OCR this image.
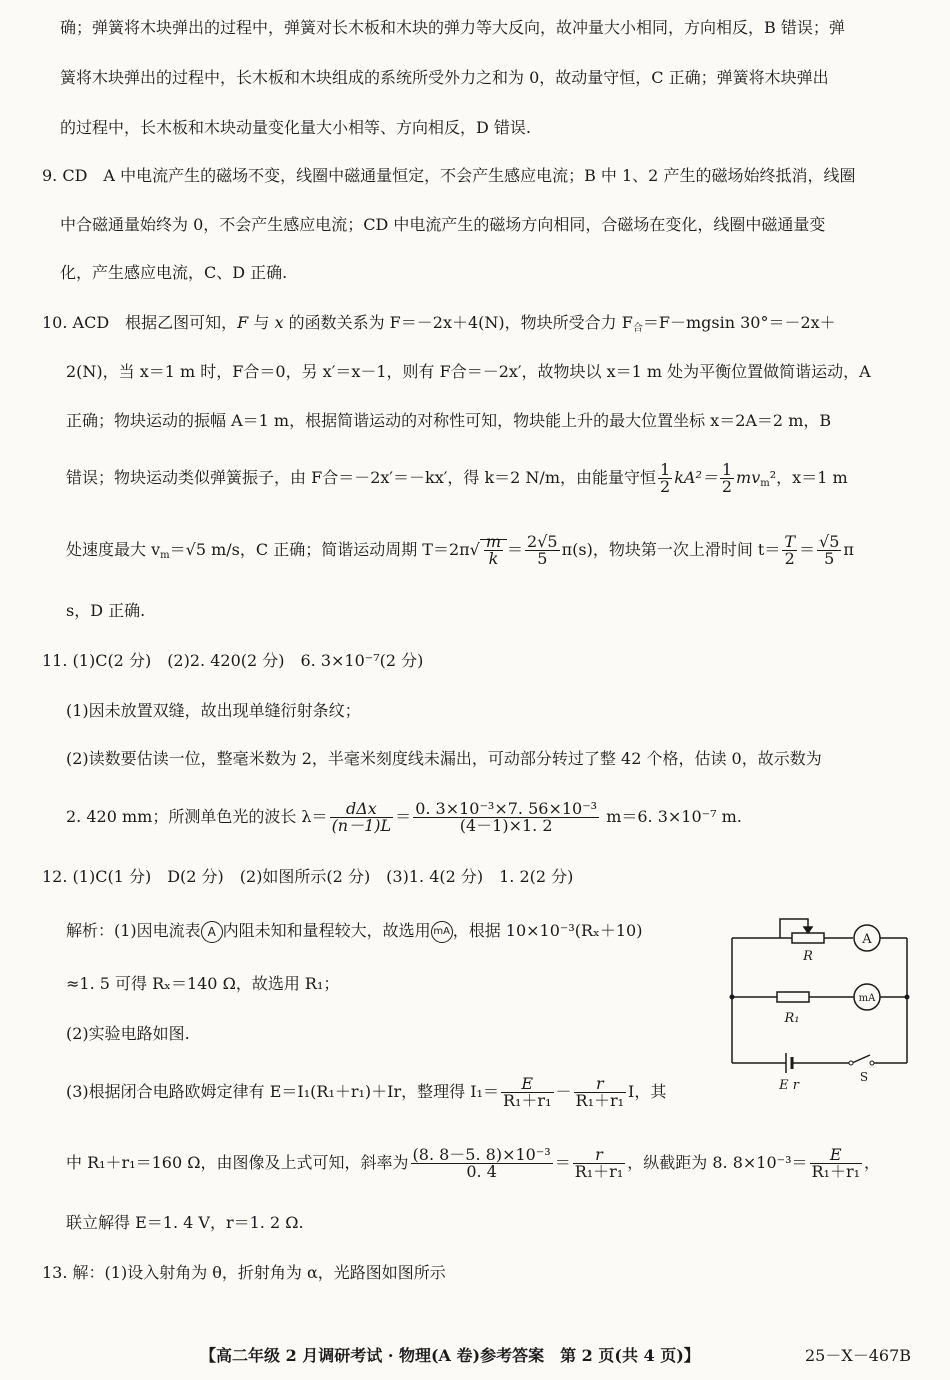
确；弹簧将木块弹出的过程中，弹簧对长木板和木块的弹力等大反向，故冲量大小相同，方向相反，B 错误；弹
簧将木块弹出的过程中，长木板和木块组成的系统所受外力之和为 0，故动量守恒，C 正确；弹簧将木块弹出
的过程中，长木板和木块动量变化量大小相等、方向相反，D 错误.
9. CD　A 中电流产生的磁场不变，线圈中磁通量恒定，不会产生感应电流；B 中 1、2 产生的磁场始终抵消，线圈
中合磁通量始终为 0，不会产生感应电流；CD 中电流产生的磁场方向相同，合磁场在变化，线圈中磁通量变
化，产生感应电流，C、D 正确.
10. ACD　根据乙图可知，F 与 x 的函数关系为 F＝－2x＋4(N)，物块所受合力 $F_合=F-mgsin$ 30°＝－2x＋
2(N)，当 x＝1 m 时，F合＝0，另 x′＝x－1，则有 F合＝－2x′，故物块以 x＝1 m 处为平衡位置做简谐运动，A
正确；物块运动的振幅 A＝1 m，根据简谐运动的对称性可知，物块能上升的最大位置坐标 x＝2A＝2 m，B
错误；物块运动类似弹簧振子，由 F合＝－2x′＝－kx′，得 k＝2 N/m，由能量守恒 $\frac{1}{2} kA^2= \frac{1}{2} mv_m^2$，x＝1 m
处速度最大 $v_m=√5$ m/s，C 正确；简谐运动周期 $T=2\pi√ \frac{m}{k} = \frac{2√5}{5} \pi(s)$，物块第一次上滑时间 $t= \frac{T}{2} = \frac{√5}{5}$ π
s，D 正确.
11. (1)C(2 分)　(2)2. 420(2 分)　6. 3×10⁻⁷(2 分)
(1)因未放置双缝，故出现单缝衍射条纹；
(2)读数要估读一位，整毫米数为 2，半毫米刻度线未漏出，可动部分转过了整 42 个格，估读 0，故示数为
2. 420 mm；所测单色光的波长 $\lambda= \frac{\text{dΔx}}{(n-1)L} = \frac{\text{0. 3×10⁻³×7. 56×10⁻³}}{(4-1)\times 1. 2} m=6$. 3×10⁻⁷ m.
12. (1)C(1 分)　D(2 分)　(2)如图所示(2 分)　(3)1. 4(2 分)　1. 2(2 分)
解析：(1)因电流表 A 内阻未知和量程较大，故选用 mA ，根据 10×10⁻³(Rₓ＋10)
≈1. 5 可得 Rₓ＝140 Ω，故选用 R₁；
(2)实验电路如图.
(3)根据闭合电路欧姆定律有 E＝I₁(R₁＋r₁)＋Ir，整理得 $I_1= \frac{E}{\text{R₁＋r₁}} - \frac{r}{\text{R₁＋r₁}}$ I，其
中 R₁＋r₁＝160 Ω，由图像及上式可知，斜率为 $\frac{\text{(8. 8－5. 8)×10⁻³}}{0. 4} = \frac{r}{\text{R₁＋r₁}}$ ，纵截距为 8. $8\times 10^{-3}= \frac{E}{\text{R₁＋r₁}}$ ，
联立解得 E＝1. 4 V，r＝1. 2 Ω.
A
mA
R
R₁
E r
S
13. 解：(1)设入射角为 θ，折射角为 α，光路图如图所示
【高二年级 2 月调研考试 · 物理(A 卷)参考答案　第 2 页(共 4 页)】	25－X－467B
